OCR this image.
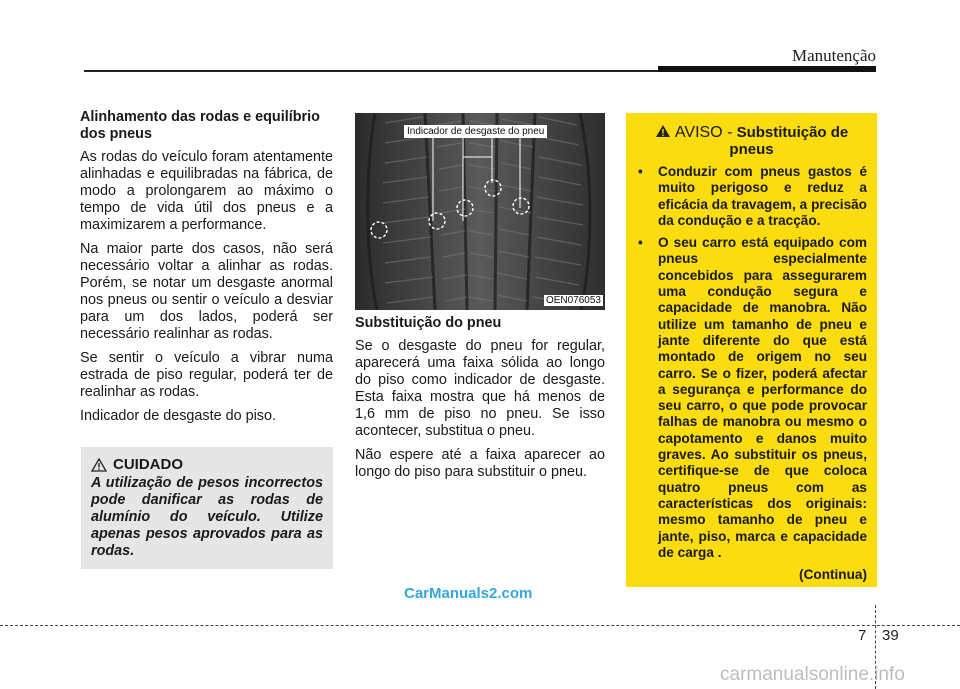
Manutenção
Alinhamento das rodas e equilíbrio dos pneus

As rodas do veículo foram atentamente alinhadas e equilibradas na fábrica, de modo a prolongarem ao máximo o tempo de vida útil dos pneus e a maximizarem a performance.

Na maior parte dos casos, não será necessário voltar a alinhar as rodas. Porém, se notar um desgaste anormal nos pneus ou sentir o veículo a desviar para um dos lados, poderá ser necessário realinhar as rodas.

Se sentir o veículo a vibrar numa estrada de piso regular, poderá ter de realinhar as rodas.

Indicador de desgaste do piso.

CUIDADO

A utilização de pesos incorrectos pode danificar as rodas de alumínio do veículo. Utilize apenas pesos aprovados para as rodas.

Indicador de desgaste do pneu
OEN076053
Substituição do pneu

Se o desgaste do pneu for regular, aparecerá uma faixa sólida ao longo do piso como indicador de desgaste. Esta faixa mostra que há menos de 1,6 mm de piso no pneu. Se isso acontecer, substitua o pneu.

Não espere até a faixa aparecer ao longo do piso para substituir o pneu.

AVISO - Substituição de pneus
• Conduzir com pneus gastos é muito perigoso e reduz a eficácia da travagem, a precisão da condução e a tracção.
• O seu carro está equipado com pneus especialmente concebidos para assegurarem uma condução segura e capacidade de manobra. Não utilize um tamanho de pneu e jante diferente do que está montado de origem no seu carro. Se o fizer, poderá afectar a segurança e performance do seu carro, o que pode provocar falhas de manobra ou mesmo o capotamento e danos muito graves. Ao substituir os pneus, certifique-se de que coloca quatro pneus com as características dos originais: mesmo tamanho de pneu e jante, piso, marca e capacidade de carga .
(Continua)
CarManuals2.com
7 39
carmanualsonline.info
